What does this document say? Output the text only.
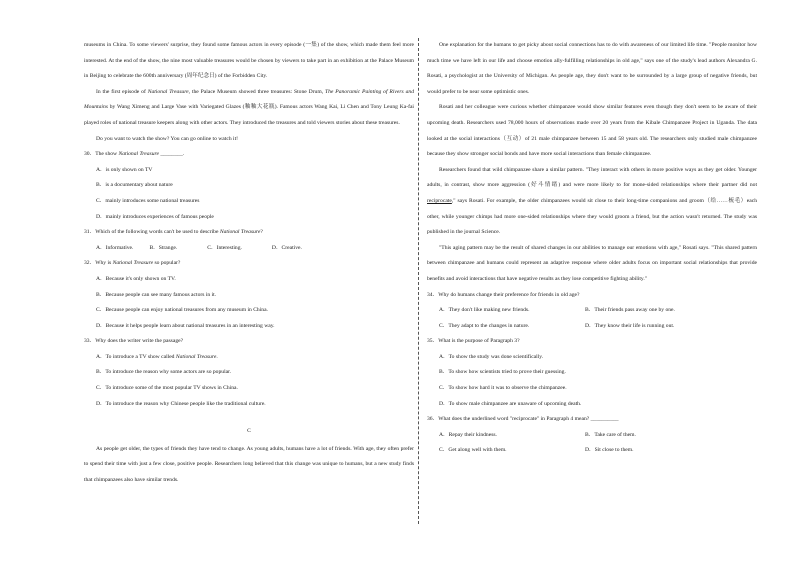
museums in China. To some viewers' surprise, they found some famous actors in every episode (一集) of the show, which made them feel more interested. At the end of the show, the nine most valuable treasures would be chosen by viewers to take part in an exhibition at the Palace Museum in Beijing to celebrate the 600th anniversary (周年纪念日) of the Forbidden City.

In the first episode of National Treasure, the Palace Museum showed three treasures: Stone Drum, The Panoramic Painting of Rivers and Mountains by Wang Ximeng and Large Vase with Variegated Glazes (釉釉大花瓶). Famous actors Wang Kai, Li Chen and Tony Leung Ka-fai played roles of national treasure keepers along with other actors. They introduced the treasures and told viewers stories about these treasures.

Do you want to watch the show? You can go online to watch it!

30．The show National Treasure ________.

A．is only shown on TV

B．is a documentary about nature

C．mainly introduces some national treasures

D．mainly introduces experiences of famous people

31．Which of the following words can't be used to describe National Treasure?

A．Informative.	B．Strange.	C．Interesting.	D．Creative.

32．Why is National Treasure so popular?

A．Because it's only shown on TV.

B．Because people can see many famous actors in it.

C．Because people can enjoy national treasures from any museum in China.

D．Because it helps people learn about national treasures in an interesting way.

33．Why does the writer write the passage?

A．To introduce a TV show called National Treasure.

B．To introduce the reason why some actors are so popular.

C．To introduce some of the most popular TV shows in China.

D．To introduce the reason why Chinese people like the traditional culture.

C

As people get older, the types of friends they have tend to change. As young adults, humans have a lot of friends. With age, they often prefer to spend their time with just a few close, positive people. Researchers long believed that this change was unique to humans, but a new study finds that chimpanzees also have similar trends.

One explanation for the humans to get picky about social connections has to do with awareness of our limited life time. "People monitor how much time we have left in our life and choose emotion ally-fulfilling relationships in old age," says one of the study's lead authors Alexandra G. Rosati, a psychologist at the University of Michigan. As people age, they don't want to be surrounded by a large group of negative friends, but would prefer to be near some optimistic ones.

Rosati and her colleague were curious whether chimpanzee would show similar features even though they don't seem to be aware of their upcoming death. Researchers used 78,000 hours of observations made over 20 years from the Kibale Chimpanzee Project in Uganda. The data looked at the social interactions（互动）of 21 male chimpanzee between 15 and 58 years old. The researchers only studied male chimpanzee because they show stronger social bonds and have more social interactions than female chimpanzee.

Researchers found that wild chimpanzee share a similar pattern. "They interact with others in more positive ways as they get older. Younger adults, in contrast, show more aggression (好斗情绪) and were more likely to for mone-sided relationships where their partner did not reciprocate," says Rosati. For example, the older chimpanzees would sit close to their long-time companions and groom（给……梳毛）each other, while younger chimps had more one-sided relationships where they would groom a friend, but the action wasn't returned. The study was published in the journal Science.

"This aging pattern may be the result of shared changes in our abilities to manage our emotions with age," Rosati says. "This shared pattern between chimpanzee and humans could represent an adaptive response where older adults focus on important social relationships that provide benefits and avoid interactions that have negative results as they lose competitive fighting ability."

34．Why do humans change their preference for friends in old age?

A．They don't like making new friends.	B．Their friends pass away one by one.
C．They adapt to the changes in nature.	D．They know their life is running out.

35．What is the purpose of Paragraph 3?

A．To show the study was done scientifically.

B．To show how scientists tried to prove their guessing.

C．To show how hard it was to observe the chimpanzee.

D．To show male chimpanzee are unaware of upcoming death.

36．What does the underlined word "reciprocate" in Paragraph 4 mean? __________

A．Repay their kindness.	B．Take care of them.
C．Get along well with them.	D．Sit close to them.
